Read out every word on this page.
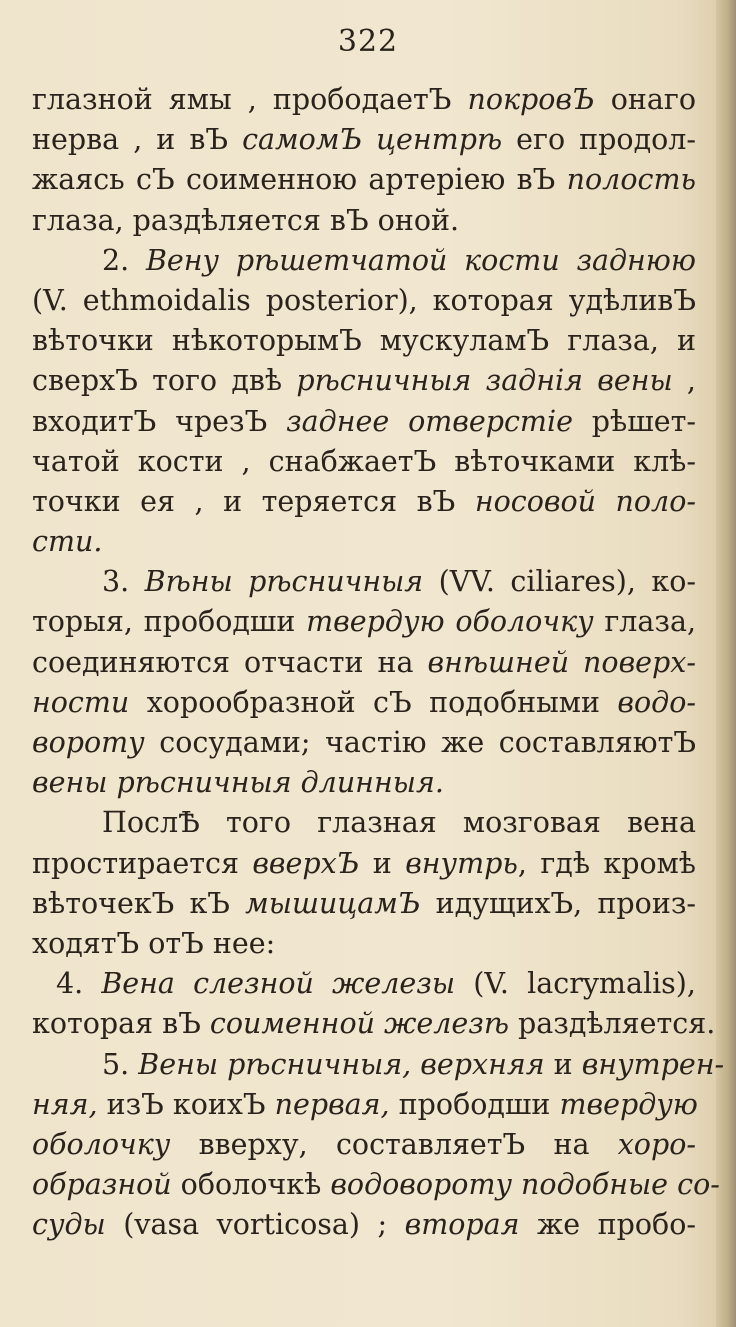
322
глазной ямы , прободаетЪ покровЪ онаго
нерва , и вЪ самомЪ центрѣ его продол-
жаясь сЪ соименною артеріею вЪ полость
глаза, раздѣляется вЪ оной.
2. Вену рѣшетчатой кости заднюю
(V. ethmoidalis posterior), которая удѣливЪ
вѣточки нѣкоторымЪ мускуламЪ глаза, и
сверхЪ того двѣ рѣсничныя заднія вены ,
входитЪ чрезЪ заднее отверстіе рѣшет-
чатой кости , снабжаетЪ вѣточками клѣ-
точки ея , и теряется вЪ носовой поло-
сти.
3. Вѣны рѣсничныя (VV. ciliares), ко-
торыя, прободши твердую оболочку глаза,
соединяются отчасти на внѣшней поверх-
ности хорообразной сЪ подобными водо-
вороту сосудами; частію же составляютЪ
вены рѣсничныя длинныя.
ПослѢ того глазная мозговая вена
простирается вверхЪ и внутрь, гдѣ кромѣ
вѣточекЪ кЪ мышицамЪ идущихЪ, произ-
ходятЪ отЪ нее:
4. Вена слезной железы (V. lacrymalis),
которая вЪ соименной железѣ раздѣляется.
5. Вены рѣсничныя, верхняя и внутрен-
няя, изЪ коихЪ первая, прободши твердую
оболочку вверху, составляетЪ на хоро-
образной оболочкѣ водовороту подобные со-
суды (vasa vorticosa) ; вторая же пробо-
